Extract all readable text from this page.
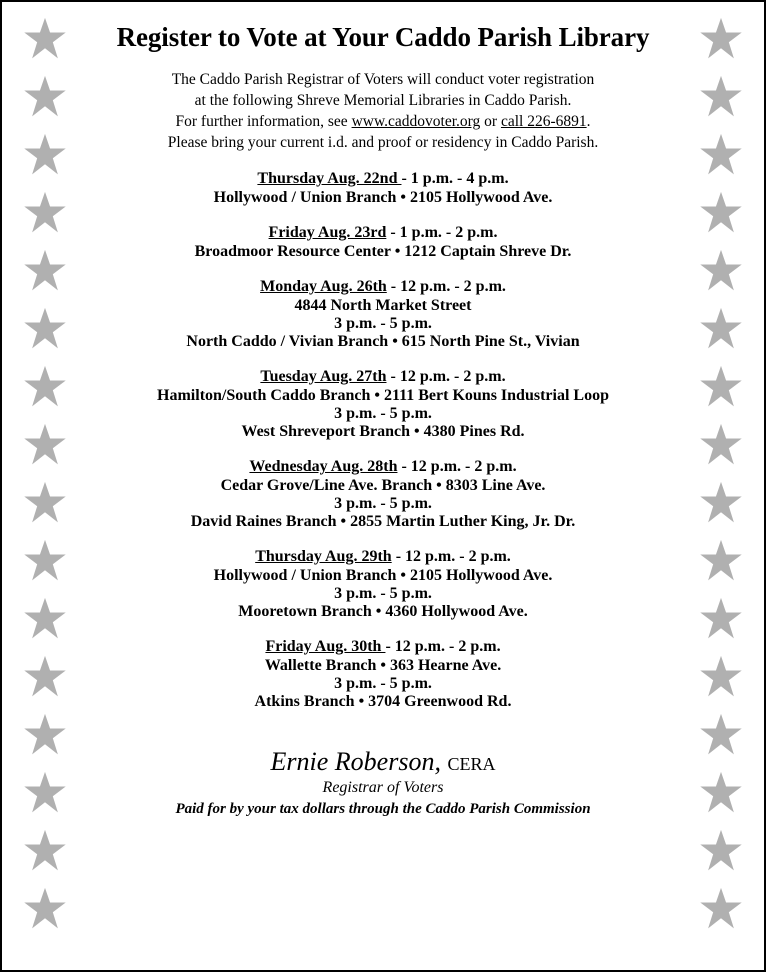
Register to Vote at Your Caddo Parish Library
The Caddo Parish Registrar of Voters will conduct voter registration
at the following Shreve Memorial Libraries in Caddo Parish.
For further information, see www.caddovoter.org or call 226-6891.
Please bring your current i.d. and proof or residency in Caddo Parish.
Thursday Aug. 22nd - 1 p.m. - 4 p.m.
Hollywood / Union Branch • 2105 Hollywood Ave.
Friday Aug. 23rd - 1 p.m. - 2 p.m.
Broadmoor Resource Center • 1212 Captain Shreve Dr.
Monday Aug. 26th - 12 p.m. - 2 p.m.
4844 North Market Street
3 p.m. - 5 p.m.
North Caddo / Vivian Branch • 615 North Pine St., Vivian
Tuesday Aug. 27th - 12 p.m. - 2 p.m.
Hamilton/South Caddo Branch • 2111 Bert Kouns Industrial Loop
3 p.m. - 5 p.m.
West Shreveport Branch • 4380 Pines Rd.
Wednesday Aug. 28th - 12 p.m. - 2 p.m.
Cedar Grove/Line Ave. Branch • 8303 Line Ave.
3 p.m. - 5 p.m.
David Raines Branch • 2855 Martin Luther King, Jr. Dr.
Thursday Aug. 29th - 12 p.m. - 2 p.m.
Hollywood / Union Branch • 2105 Hollywood Ave.
3 p.m. - 5 p.m.
Mooretown Branch • 4360 Hollywood Ave.
Friday Aug. 30th - 12 p.m. - 2 p.m.
Wallette Branch • 363 Hearne Ave.
3 p.m. - 5 p.m.
Atkins Branch • 3704 Greenwood Rd.
Ernie Roberson, CERA
Registrar of Voters
Paid for by your tax dollars through the Caddo Parish Commission
